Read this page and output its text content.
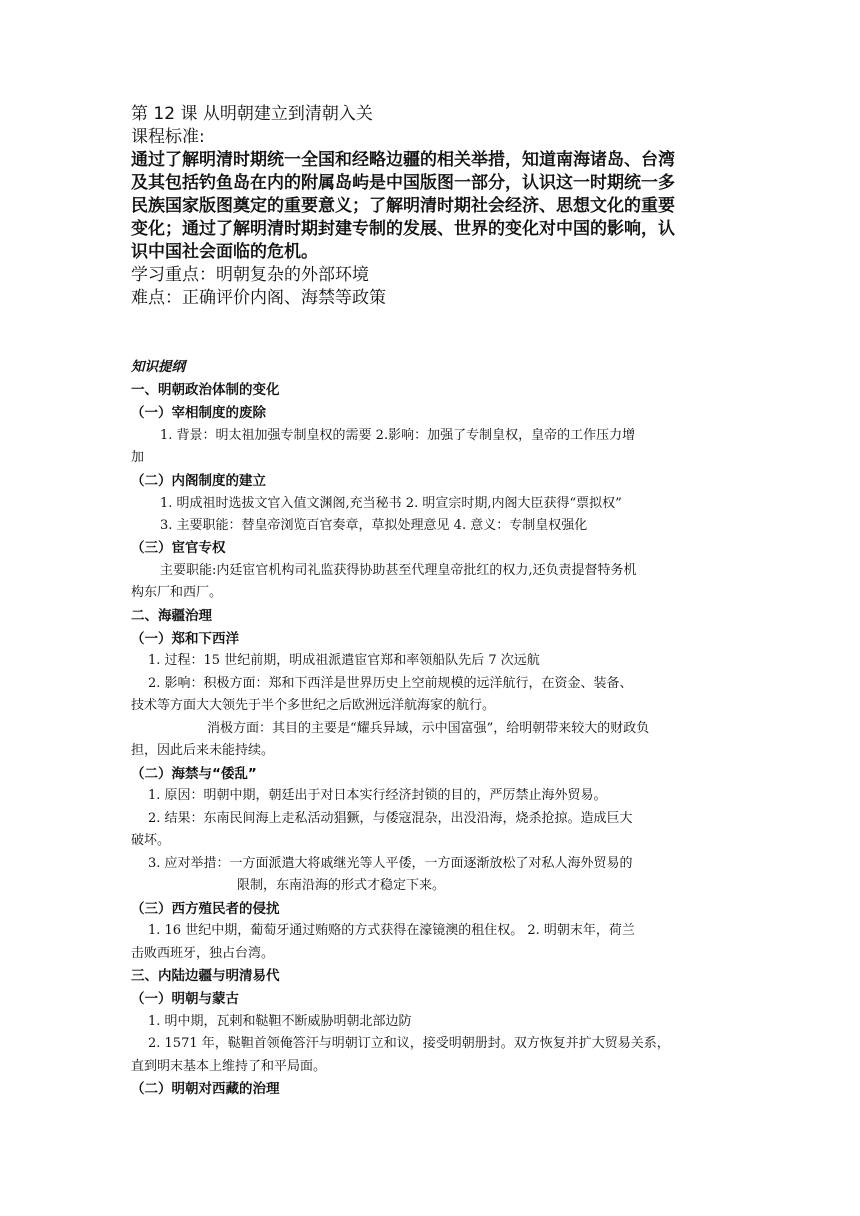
第 12 课 从明朝建立到清朝入关
课程标准:
通过了解明清时期统一全国和经略边疆的相关举措，知道南海诸岛、台湾
及其包括钓鱼岛在内的附属岛屿是中国版图一部分，认识这一时期统一多
民族国家版图奠定的重要意义；了解明清时期社会经济、思想文化的重要
变化；通过了解明清时期封建专制的发展、世界的变化对中国的影响，认
识中国社会面临的危机。
学习重点：明朝复杂的外部环境
难点：正确评价内阁、海禁等政策
知识提纲
一、明朝政治体制的变化
（一）宰相制度的废除
1. 背景：明太祖加强专制皇权的需要 2.影响：加强了专制皇权，皇帝的工作压力增
加
（二）内阁制度的建立
1. 明成祖时选拔文官入值文渊阁,充当秘书 2. 明宣宗时期,内阁大臣获得“票拟权”
3. 主要职能：替皇帝浏览百官奏章，草拟处理意见 4. 意义：专制皇权强化
（三）宦官专权
主要职能:内廷宦官机构司礼监获得协助甚至代理皇帝批红的权力,还负责提督特务机
构东厂和西厂。
二、海疆治理
（一）郑和下西洋
1. 过程：15 世纪前期，明成祖派遣宦官郑和率领船队先后 7 次远航
2. 影响：积极方面：郑和下西洋是世界历史上空前规模的远洋航行，在资金、装备、
技术等方面大大领先于半个多世纪之后欧洲远洋航海家的航行。
消极方面：其目的主要是“耀兵异域，示中国富强”，给明朝带来较大的财政负
担，因此后来未能持续。
（二）海禁与“倭乱”
1. 原因：明朝中期，朝廷出于对日本实行经济封锁的目的，严厉禁止海外贸易。
2. 结果：东南民间海上走私活动猖獗，与倭寇混杂，出没沿海，烧杀抢掠。造成巨大
破坏。
3. 应对举措：一方面派遣大将戚继光等人平倭，一方面逐渐放松了对私人海外贸易的
限制，东南沿海的形式才稳定下来。
（三）西方殖民者的侵扰
1. 16 世纪中期，葡萄牙通过贿赂的方式获得在濠镜澳的租住权。 2. 明朝末年，荷兰
击败西班牙，独占台湾。
三、内陆边疆与明清易代
（一）明朝与蒙古
1. 明中期，瓦剌和鞑靼不断威胁明朝北部边防
2. 1571 年，鞑靼首领俺答汗与明朝订立和议，接受明朝册封。双方恢复并扩大贸易关系，
直到明末基本上维持了和平局面。
（二）明朝对西藏的治理
